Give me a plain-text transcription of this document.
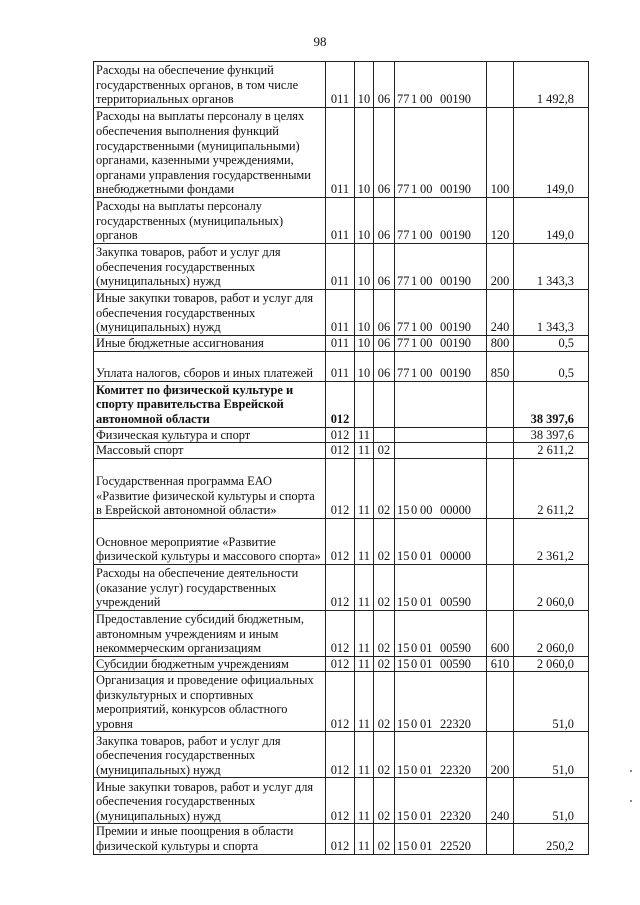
98
Расходы на обеспечение функций государственных органов, в том числе территориальных органов	011	10	06	77 1 00 00190		1 492,8
Расходы на выплаты персоналу в целях обеспечения выполнения функций государственными (муниципальными) органами, казенными учреждениями, органами управления государственными внебюджетными фондами	011	10	06	77 1 00 00190	100	149,0
Расходы на выплаты персоналу государственных (муниципальных) органов	011	10	06	77 1 00 00190	120	149,0
Закупка товаров, работ и услуг для обеспечения государственных (муниципальных) нужд	011	10	06	77 1 00 00190	200	1 343,3
Иные закупки товаров, работ и услуг для обеспечения государственных (муниципальных) нужд	011	10	06	77 1 00 00190	240	1 343,3
Иные бюджетные ассигнования	011	10	06	77 1 00 00190	800	0,5
Уплата налогов, сборов и иных платежей	011	10	06	77 1 00 00190	850	0,5
Комитет по физической культуре и спорту правительства Еврейской автономной области	012					38 397,6
Физическая культура и спорт	012	11				38 397,6
Массовый спорт	012	11	02			2 611,2
Государственная программа ЕАО «Развитие физической культуры и спорта в Еврейской автономной области»	012	11	02	15 0 00 00000		2 611,2
Основное мероприятие «Развитие физической культуры и массового спорта»	012	11	02	15 0 01 00000		2 361,2
Расходы на обеспечение деятельности (оказание услуг) государственных учреждений	012	11	02	15 0 01 00590		2 060,0
Предоставление субсидий бюджетным, автономным учреждениям и иным некоммерческим организациям	012	11	02	15 0 01 00590	600	2 060,0
Субсидии бюджетным учреждениям	012	11	02	15 0 01 00590	610	2 060,0
Организация и проведение официальных физкультурных и спортивных мероприятий, конкурсов областного уровня	012	11	02	15 0 01 22320		51,0
Закупка товаров, работ и услуг для обеспечения государственных (муниципальных) нужд	012	11	02	15 0 01 22320	200	51,0
Иные закупки товаров, работ и услуг для обеспечения государственных (муниципальных) нужд	012	11	02	15 0 01 22320	240	51,0
Премии и иные поощрения в области физической культуры и спорта	012	11	02	15 0 01 22520		250,2
